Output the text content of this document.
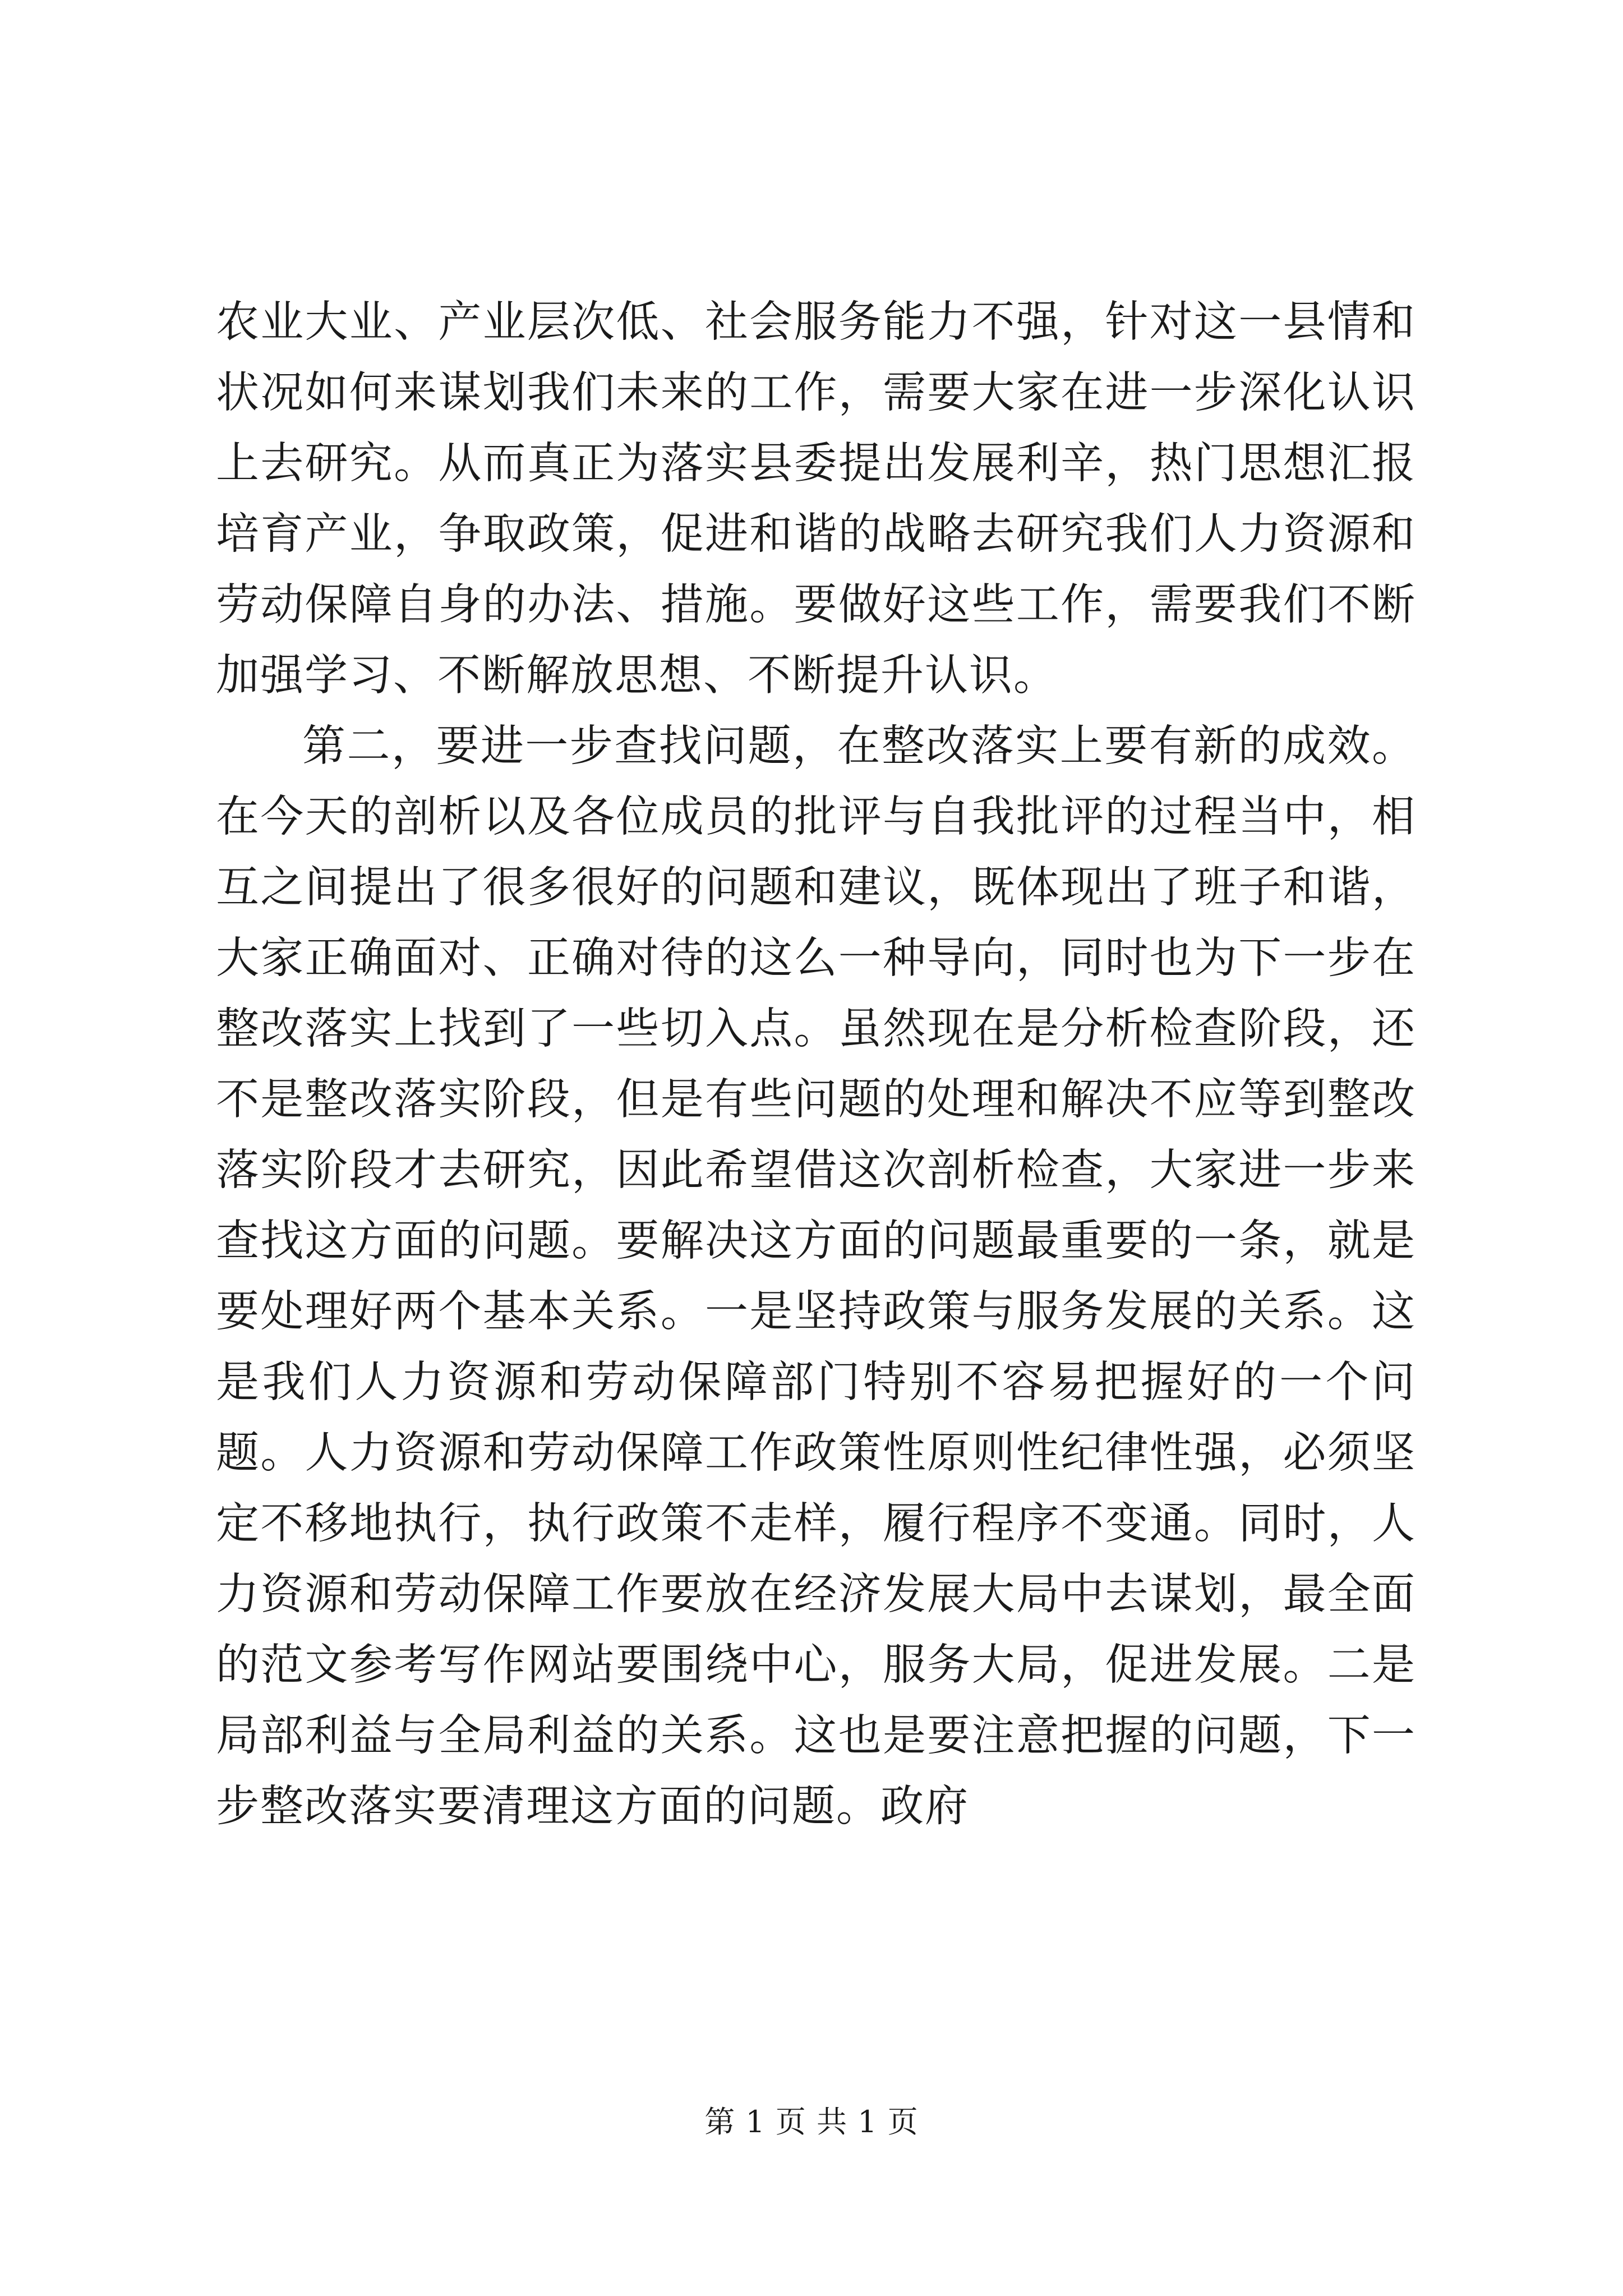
农业大业、产业层次低、社会服务能力不强，针对这一县情和状况如何来谋划我们未来的工作，需要大家在进一步深化认识上去研究。从而真正为落实县委提出发展利辛，热门思想汇报培育产业，争取政策，促进和谐的战略去研究我们人力资源和劳动保障自身的办法、措施。要做好这些工作，需要我们不断加强学习、不断解放思想、不断提升认识。

第二，要进一步查找问题，在整改落实上要有新的成效。在今天的剖析以及各位成员的批评与自我批评的过程当中，相互之间提出了很多很好的问题和建议，既体现出了班子和谐，大家正确面对、正确对待的这么一种导向，同时也为下一步在整改落实上找到了一些切入点。虽然现在是分析检查阶段，还不是整改落实阶段，但是有些问题的处理和解决不应等到整改落实阶段才去研究，因此希望借这次剖析检查，大家进一步来查找这方面的问题。要解决这方面的问题最重要的一条，就是要处理好两个基本关系。一是坚持政策与服务发展的关系。这是我们人力资源和劳动保障部门特别不容易把握好的一个问题。人力资源和劳动保障工作政策性原则性纪律性强，必须坚定不移地执行，执行政策不走样，履行程序不变通。同时，人力资源和劳动保障工作要放在经济发展大局中去谋划，最全面的范文参考写作网站要围绕中心，服务大局，促进发展。二是局部利益与全局利益的关系。这也是要注意把握的问题，下一步整改落实要清理这方面的问题。政府

第 1 页 共 1 页
